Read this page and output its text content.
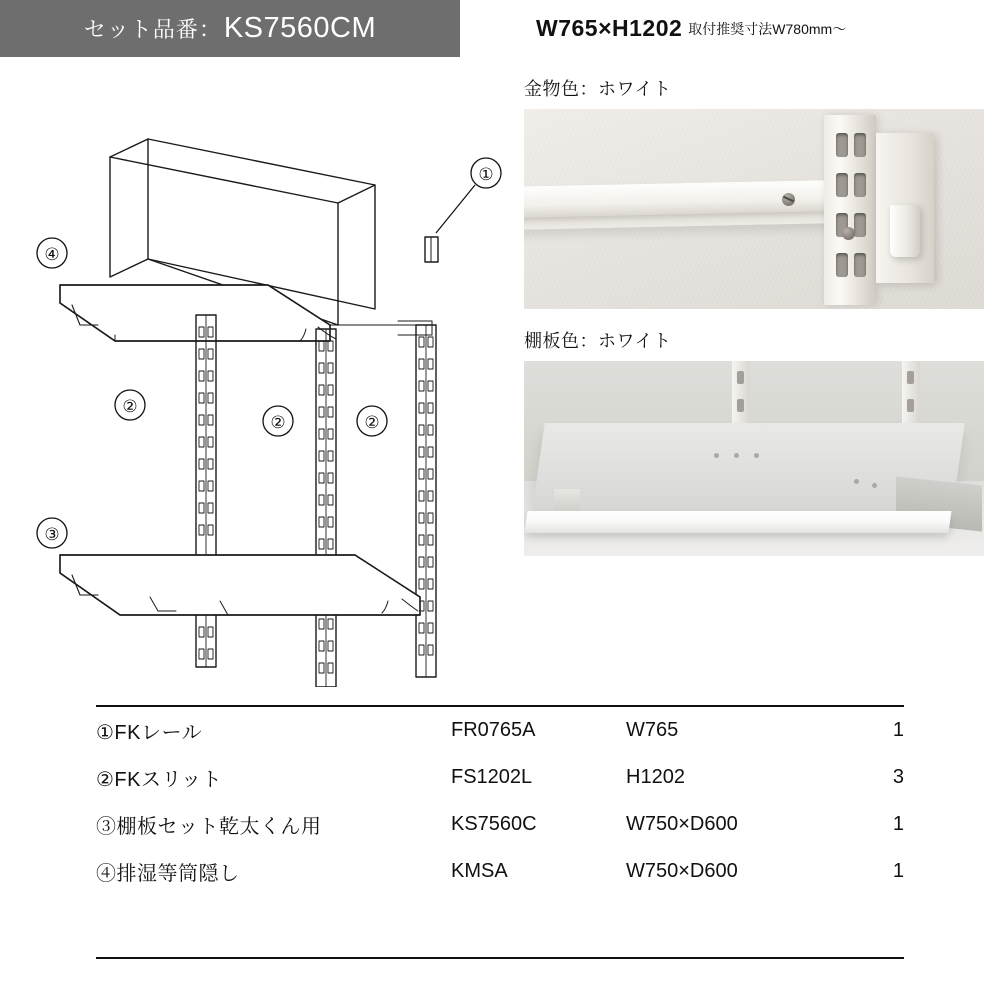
セット品番： KS7560CM	W765×H1202 取付推奨寸法W780mm〜
①
④
②
②	②
③
金物色：ホワイト
棚板色：ホワイト
①FKレール	FR0765A	W765	1
②FKスリット	FS1202L	H1202	3
③棚板セット乾太くん用	KS7560C	W750×D600	1
④排湿等筒隠し	KMSA	W750×D600	1
